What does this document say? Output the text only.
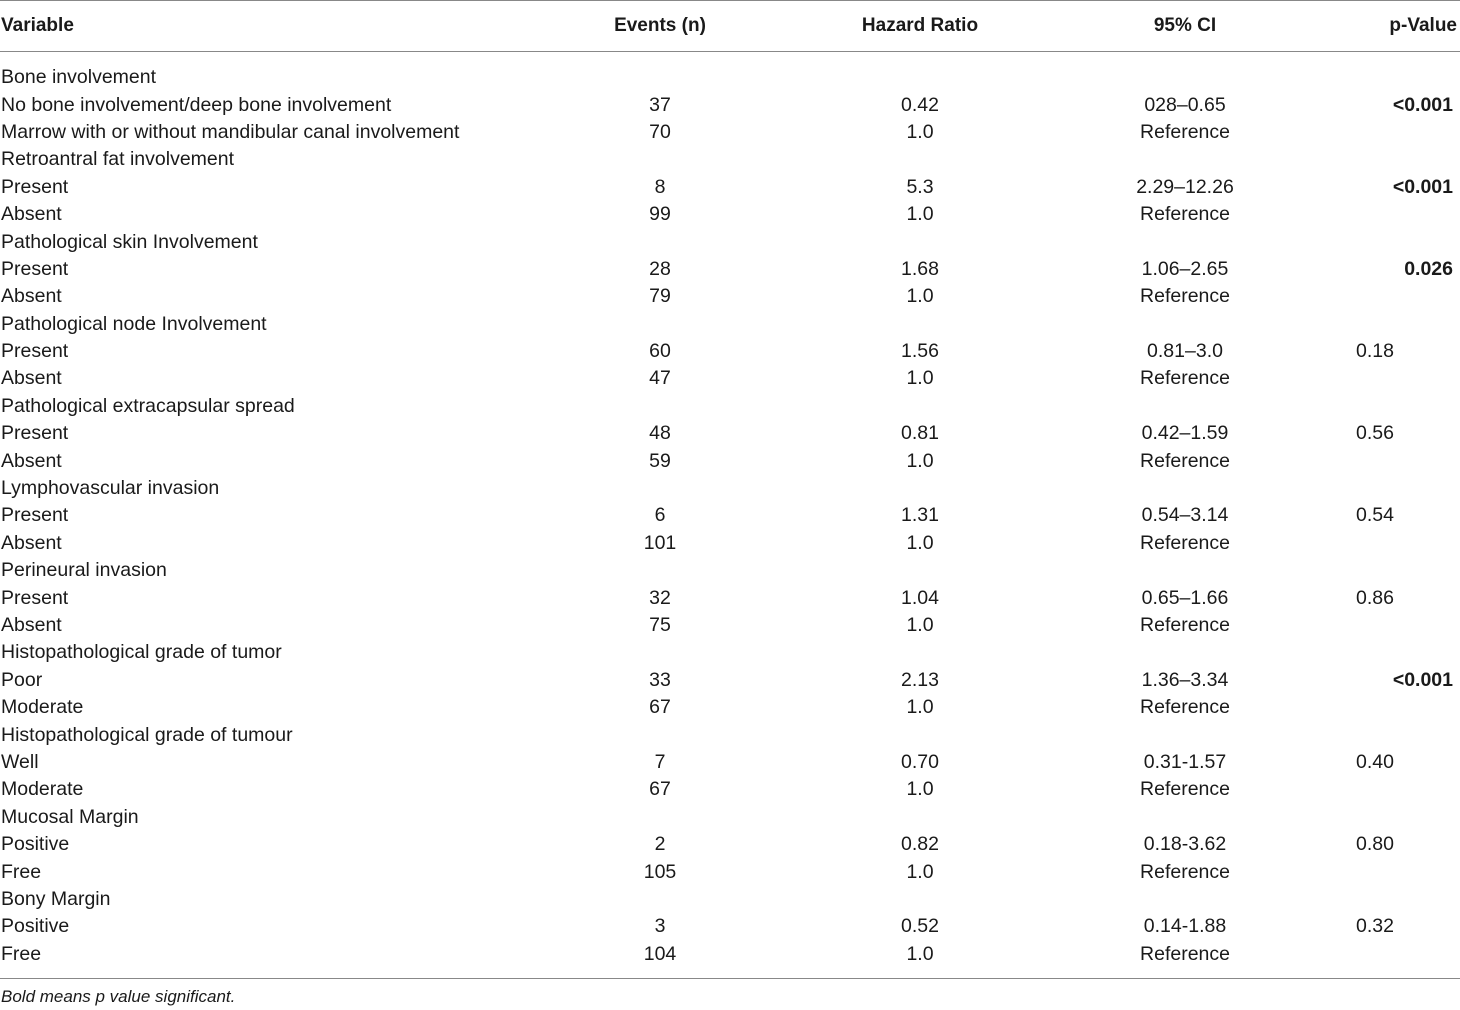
Variable	Events (n)	Hazard Ratio	95% CI	p-Value

Bone involvement				
No bone involvement/deep bone involvement	37	0.42	028–0.65	<0.001
Marrow with or without mandibular canal involvement	70	1.0	Reference	
Retroantral fat involvement				
Present	8	5.3	2.29–12.26	<0.001
Absent	99	1.0	Reference	
Pathological skin Involvement				
Present	28	1.68	1.06–2.65	0.026
Absent	79	1.0	Reference	
Pathological node Involvement				
Present	60	1.56	0.81–3.0	0.18
Absent	47	1.0	Reference	
Pathological extracapsular spread				
Present	48	0.81	0.42–1.59	0.56
Absent	59	1.0	Reference	
Lymphovascular invasion				
Present	6	1.31	0.54–3.14	0.54
Absent	101	1.0	Reference	
Perineural invasion				
Present	32	1.04	0.65–1.66	0.86
Absent	75	1.0	Reference	
Histopathological grade of tumor				
Poor	33	2.13	1.36–3.34	<0.001
Moderate	67	1.0	Reference	
Histopathological grade of tumour				
Well	7	0.70	0.31-1.57	0.40
Moderate	67	1.0	Reference	
Mucosal Margin				
Positive	2	0.82	0.18-3.62	0.80
Free	105	1.0	Reference	
Bony Margin				
Positive	3	0.52	0.14-1.88	0.32
Free	104	1.0	Reference	

Bold means p value significant.
